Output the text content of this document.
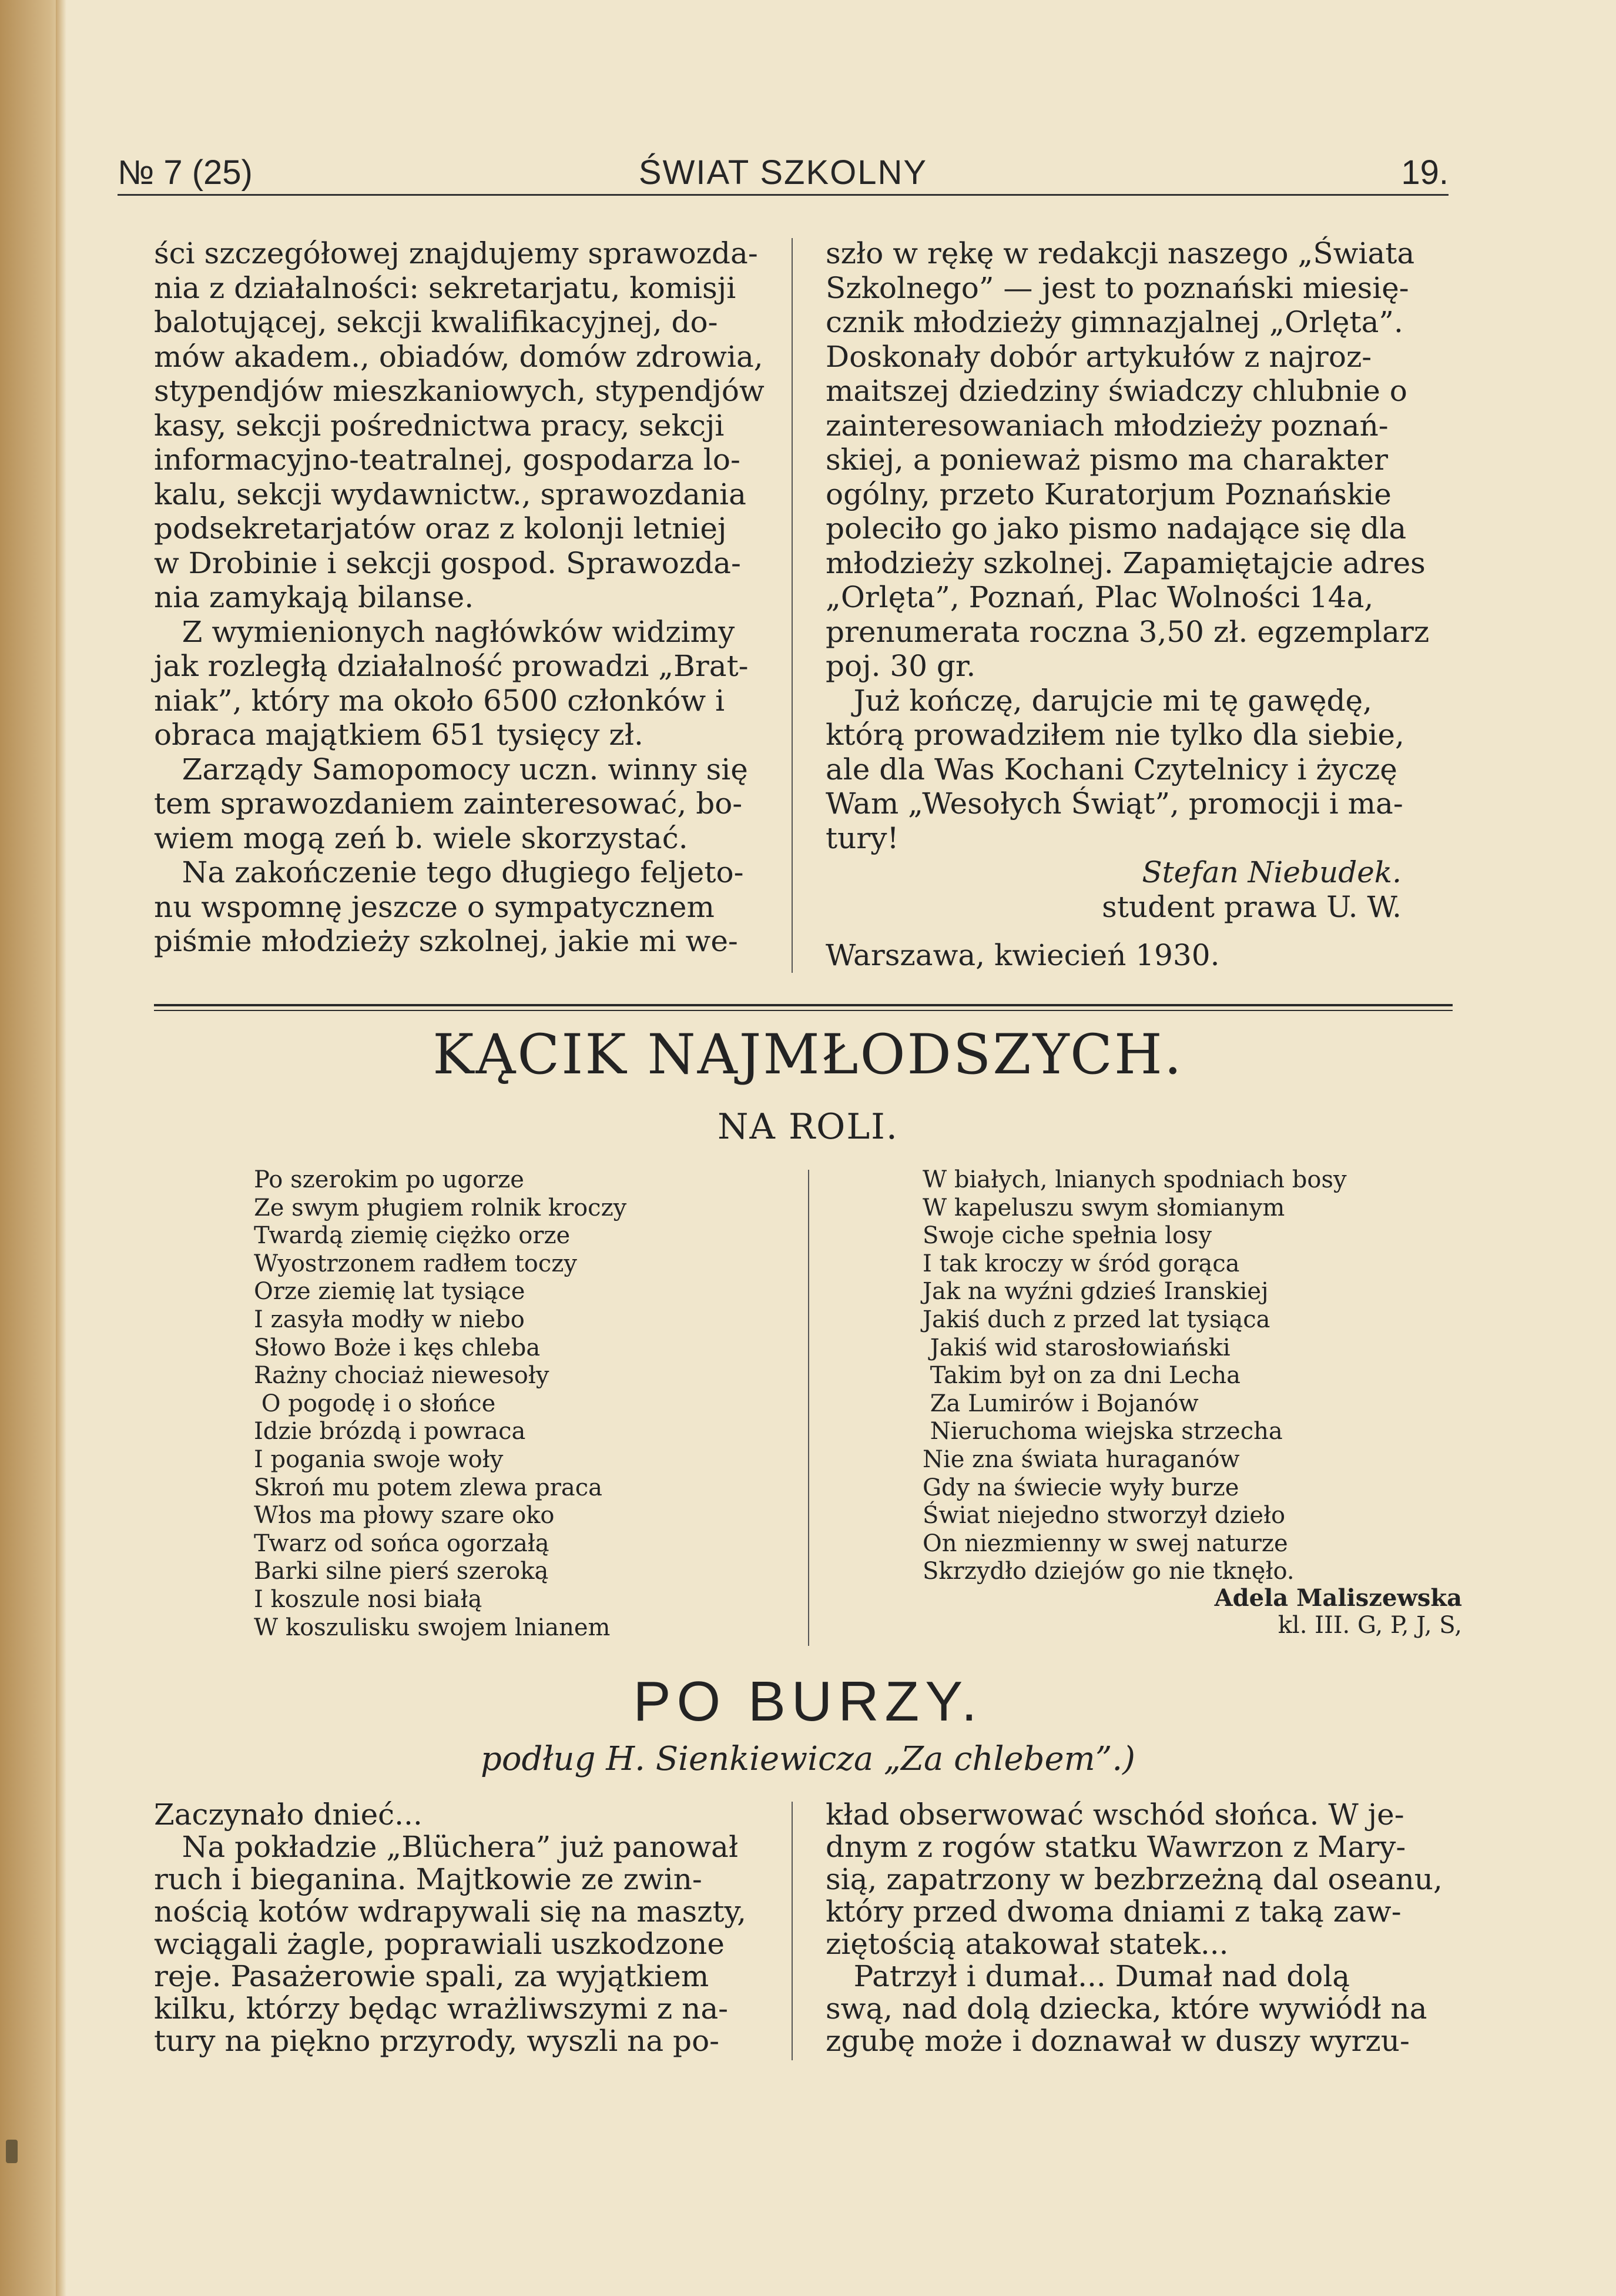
№ 7 (25)	ŚWIAT SZKOLNY	19.

ści szczegółowej znajdujemy sprawozda-

nia z działalności: sekretarjatu, komisji

balotującej, sekcji kwalifikacyjnej, do-

mów akadem., obiadów, domów zdrowia,

stypendjów mieszkaniowych, stypendjów

kasy, sekcji pośrednictwa pracy, sekcji

informacyjno-teatralnej, gospodarza lo-

kalu, sekcji wydawnictw., sprawozdania

podsekretarjatów oraz z kolonji letniej

w Drobinie i sekcji gospod. Sprawozda-

nia zamykają bilanse.

Z wymienionych nagłówków widzimy

jak rozległą działalność prowadzi „Brat-

niak”, który ma około 6500 członków i

obraca majątkiem 651 tysięcy zł.

Zarządy Samopomocy uczn. winny się

tem sprawozdaniem zainteresować, bo-

wiem mogą zeń b. wiele skorzystać.

Na zakończenie tego długiego feljeto-

nu wspomnę jeszcze o sympatycznem

piśmie młodzieży szkolnej, jakie mi we-

szło w rękę w redakcji naszego „Świata

Szkolnego” — jest to poznański miesię-

cznik młodzieży gimnazjalnej „Orlęta”.

Doskonały dobór artykułów z najroz-

maitszej dziedziny świadczy chlubnie o

zainteresowaniach młodzieży poznań-

skiej, a ponieważ pismo ma charakter

ogólny, przeto Kuratorjum Poznańskie

poleciło go jako pismo nadające się dla

młodzieży szkolnej. Zapamiętajcie adres

„Orlęta”, Poznań, Plac Wolności 14a,

prenumerata roczna 3,50 zł. egzemplarz

poj. 30 gr.

Już kończę, darujcie mi tę gawędę,

którą prowadziłem nie tylko dla siebie,

ale dla Was Kochani Czytelnicy i życzę

Wam „Wesołych Świąt”, promocji i ma-

tury!

Stefan Niebudek.

student prawa U. W.

Warszawa, kwiecień 1930.

KĄCIK NAJMŁODSZYCH.
NA ROLI.

Po szerokim po ugorze

Ze swym pługiem rolnik kroczy

Twardą ziemię ciężko orze

Wyostrzonem radłem toczy

Orze ziemię lat tysiące

I zasyła modły w niebo

Słowo Boże i kęs chleba

Rażny chociaż niewesoły

O pogodę i o słońce

Idzie brózdą i powraca

I pogania swoje woły

Skroń mu potem zlewa praca

Włos ma płowy szare oko

Twarz od sońca ogorzałą

Barki silne pierś szeroką

I koszule nosi białą

W koszulisku swojem lnianem

W białych, lnianych spodniach bosy

W kapeluszu swym słomianym

Swoje ciche spełnia losy

I tak kroczy w śród gorąca

Jak na wyźni gdzieś Iranskiej

Jakiś duch z przed lat tysiąca

Jakiś wid starosłowiański

Takim był on za dni Lecha

Za Lumirów i Bojanów

Nieruchoma wiejska strzecha

Nie zna świata huraganów

Gdy na świecie wyły burze

Świat niejedno stworzył dzieło

On niezmienny w swej naturze

Skrzydło dziejów go nie tknęło.

Adela Maliszewska
kl. III. G, P, J, S,
PO BURZY.
podług H. Sienkiewicza „Za chlebem”.)

Zaczynało dnieć...

Na pokładzie „Blüchera” już panował

ruch i bieganina. Majtkowie ze zwin-

nością kotów wdrapywali się na maszty,

wciągali żagle, poprawiali uszkodzone

reje. Pasażerowie spali, za wyjątkiem

kilku, którzy będąc wrażliwszymi z na-

tury na piękno przyrody, wyszli na po-

kład obserwować wschód słońca. W je-

dnym z rogów statku Wawrzon z Mary-

sią, zapatrzony w bezbrzeżną dal oseanu,

który przed dwoma dniami z taką zaw-

ziętością atakował statek...

Patrzył i dumał... Dumał nad dolą

swą, nad dolą dziecka, które wywiódł na

zgubę może i doznawał w duszy wyrzu-
